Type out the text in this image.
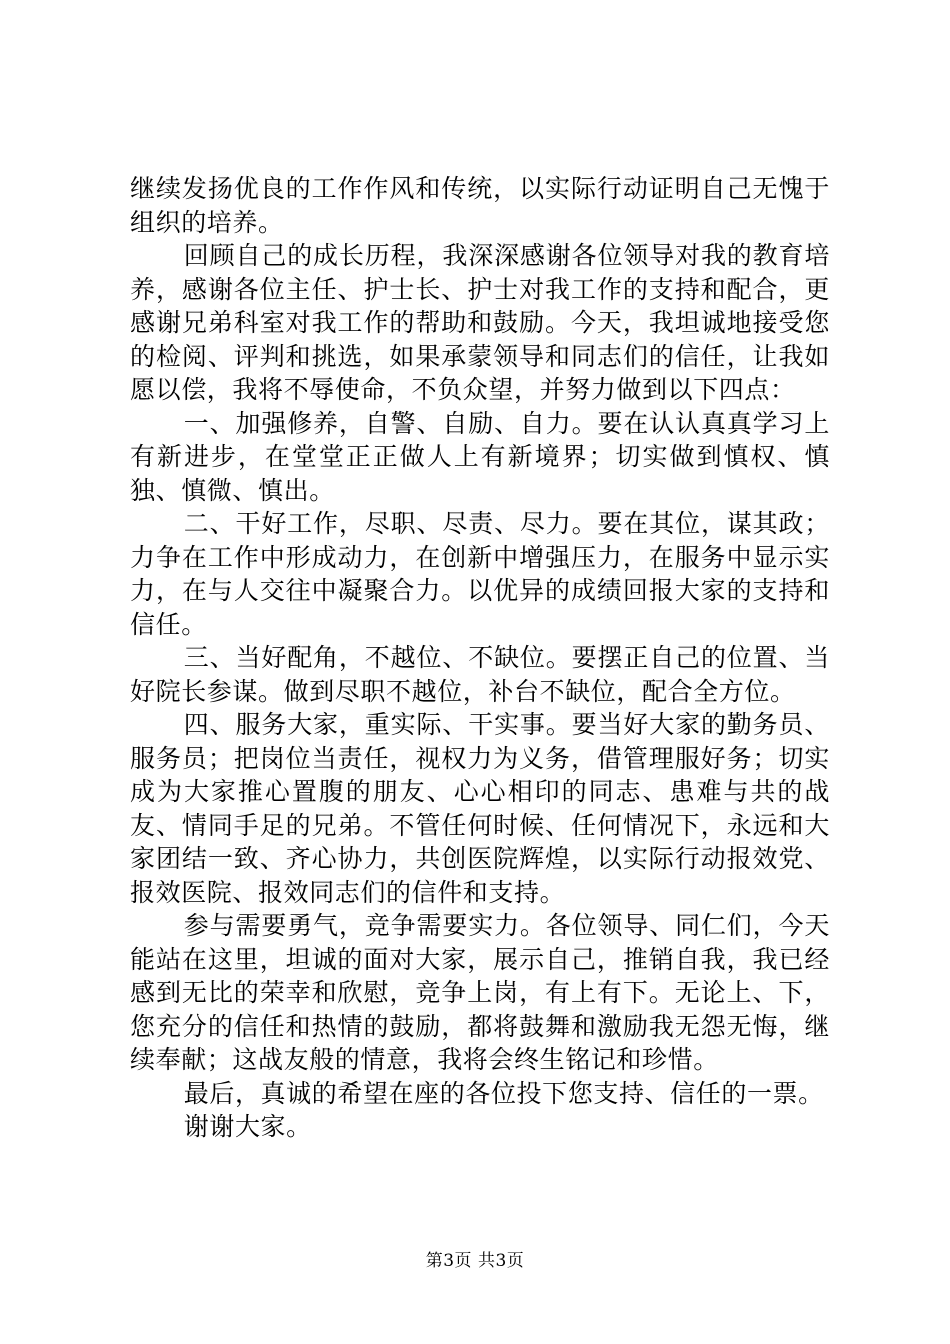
继续发扬优良的工作作风和传统，以实际行动证明自己无愧于组织的培养。

回顾自己的成长历程，我深深感谢各位领导对我的教育培养，感谢各位主任、护士长、护士对我工作的支持和配合，更感谢兄弟科室对我工作的帮助和鼓励。今天，我坦诚地接受您的检阅、评判和挑选，如果承蒙领导和同志们的信任，让我如愿以偿，我将不辱使命，不负众望，并努力做到以下四点：

一、加强修养，自警、自励、自力。要在认认真真学习上有新进步，在堂堂正正做人上有新境界；切实做到慎权、慎独、慎微、慎出。

二、干好工作，尽职、尽责、尽力。要在其位，谋其政；力争在工作中形成动力，在创新中增强压力，在服务中显示实力，在与人交往中凝聚合力。以优异的成绩回报大家的支持和信任。

三、当好配角，不越位、不缺位。要摆正自己的位置、当好院长参谋。做到尽职不越位，补台不缺位，配合全方位。

四、服务大家，重实际、干实事。要当好大家的勤务员、服务员；把岗位当责任，视权力为义务，借管理服好务；切实成为大家推心置腹的朋友、心心相印的同志、患难与共的战友、情同手足的兄弟。不管任何时候、任何情况下，永远和大家团结一致、齐心协力，共创医院辉煌，以实际行动报效党、报效医院、报效同志们的信件和支持。

参与需要勇气，竞争需要实力。各位领导、同仁们，今天能站在这里，坦诚的面对大家，展示自己，推销自我，我已经感到无比的荣幸和欣慰，竞争上岗，有上有下。无论上、下，您充分的信任和热情的鼓励，都将鼓舞和激励我无怨无悔，继续奉献；这战友般的情意，我将会终生铭记和珍惜。

最后，真诚的希望在座的各位投下您支持、信任的一票。

谢谢大家。

第3页 共3页
